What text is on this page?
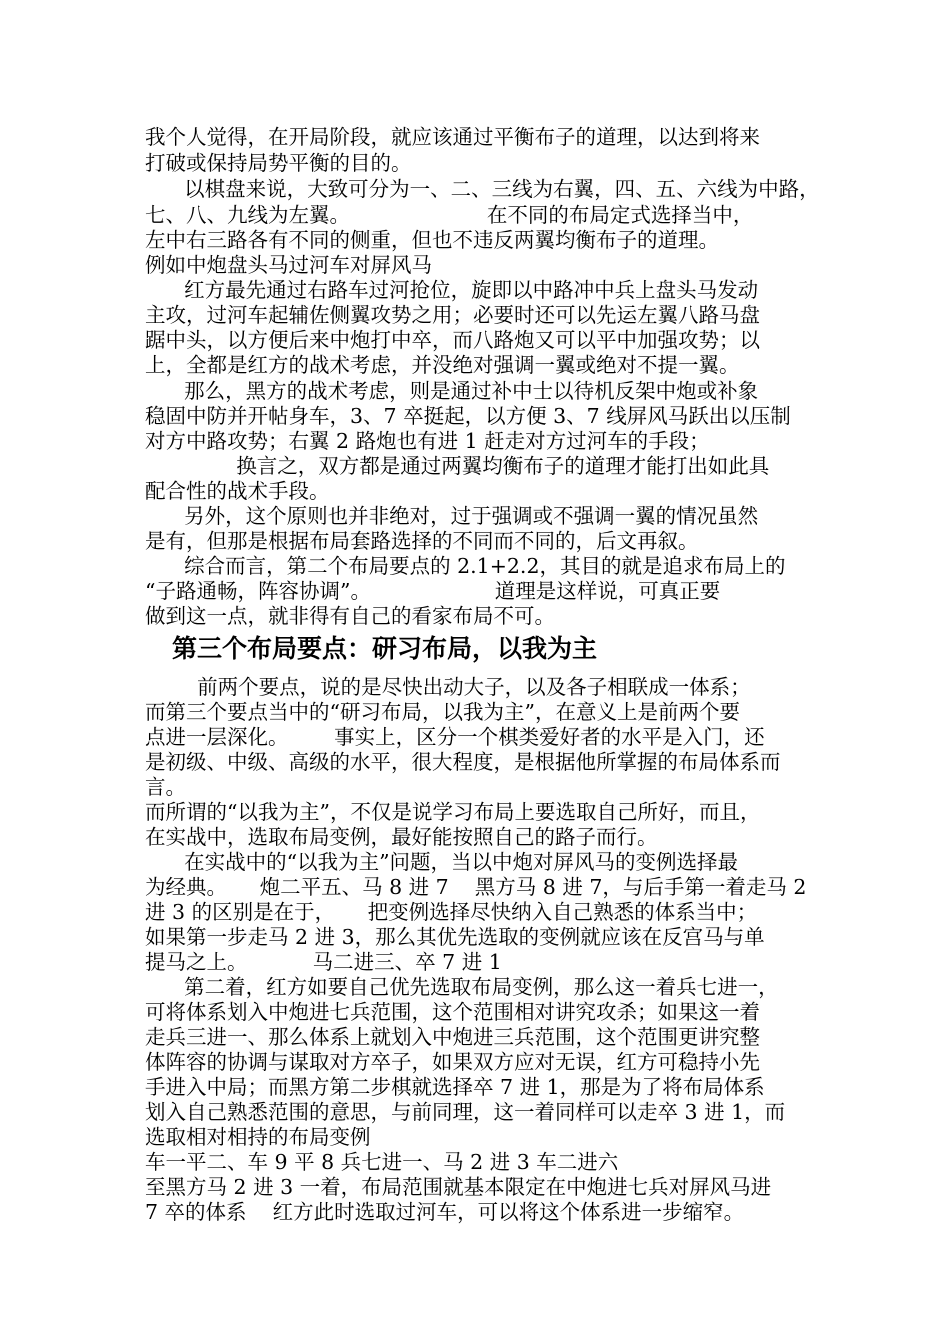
我个人觉得，在开局阶段，就应该通过平衡布子的道理，以达到将来
打破或保持局势平衡的目的。
以棋盘来说，大致可分为一、二、三线为右翼，四、五、六线为中路，
七、八、九线为左翼。                     在不同的布局定式选择当中，
左中右三路各有不同的侧重，但也不违反两翼均衡布子的道理。
例如中炮盘头马过河车对屏风马
红方最先通过右路车过河抢位，旋即以中路冲中兵上盘头马发动
主攻，过河车起辅佐侧翼攻势之用；必要时还可以先运左翼八路马盘
踞中头，以方便后来中炮打中卒，而八路炮又可以平中加强攻势；以
上，全都是红方的战术考虑，并没绝对强调一翼或绝对不提一翼。
那么，黑方的战术考虑，则是通过补中士以待机反架中炮或补象
稳固中防并开帖身车，3、7 卒挺起，以方便 3、7 线屏风马跃出以压制
对方中路攻势；右翼 2 路炮也有进 1 赶走对方过河车的手段；
换言之，双方都是通过两翼均衡布子的道理才能打出如此具
配合性的战术手段。
另外，这个原则也并非绝对，过于强调或不强调一翼的情况虽然
是有，但那是根据布局套路选择的不同而不同的，后文再叙。
综合而言，第二个布局要点的 2.1+2.2，其目的就是追求布局上的
“子路通畅，阵容协调”。                   道理是这样说，可真正要
做到这一点，就非得有自己的看家布局不可。
第三个布局要点：研习布局，以我为主
前两个要点，说的是尽快出动大子，以及各子相联成一体系；
而第三个要点当中的“研习布局，以我为主”，在意义上是前两个要
点进一层深化。       事实上，区分一个棋类爱好者的水平是入门，还
是初级、中级、高级的水平，很大程度，是根据他所掌握的布局体系而
言。
而所谓的“以我为主”，不仅是说学习布局上要选取自己所好，而且，
在实战中，选取布局变例，最好能按照自己的路子而行。
在实战中的“以我为主”问题，当以中炮对屏风马的变例选择最
为经典。     炮二平五、马 8 进 7    黑方马 8 进 7，与后手第一着走马 2
进 3 的区别是在于，     把变例选择尽快纳入自己熟悉的体系当中；
如果第一步走马 2 进 3，那么其优先选取的变例就应该在反宫马与单
提马之上。          马二进三、卒 7 进 1
第二着，红方如要自己优先选取布局变例，那么这一着兵七进一，
可将体系划入中炮进七兵范围，这个范围相对讲究攻杀；如果这一着
走兵三进一、那么体系上就划入中炮进三兵范围，这个范围更讲究整
体阵容的协调与谋取对方卒子，如果双方应对无误，红方可稳持小先
手进入中局；而黑方第二步棋就选择卒 7 进 1，那是为了将布局体系
划入自己熟悉范围的意思，与前同理，这一着同样可以走卒 3 进 1，而
选取相对相持的布局变例
车一平二、车 9 平 8 兵七进一、马 2 进 3 车二进六
至黑方马 2 进 3 一着，布局范围就基本限定在中炮进七兵对屏风马进
7 卒的体系    红方此时选取过河车，可以将这个体系进一步缩窄。
